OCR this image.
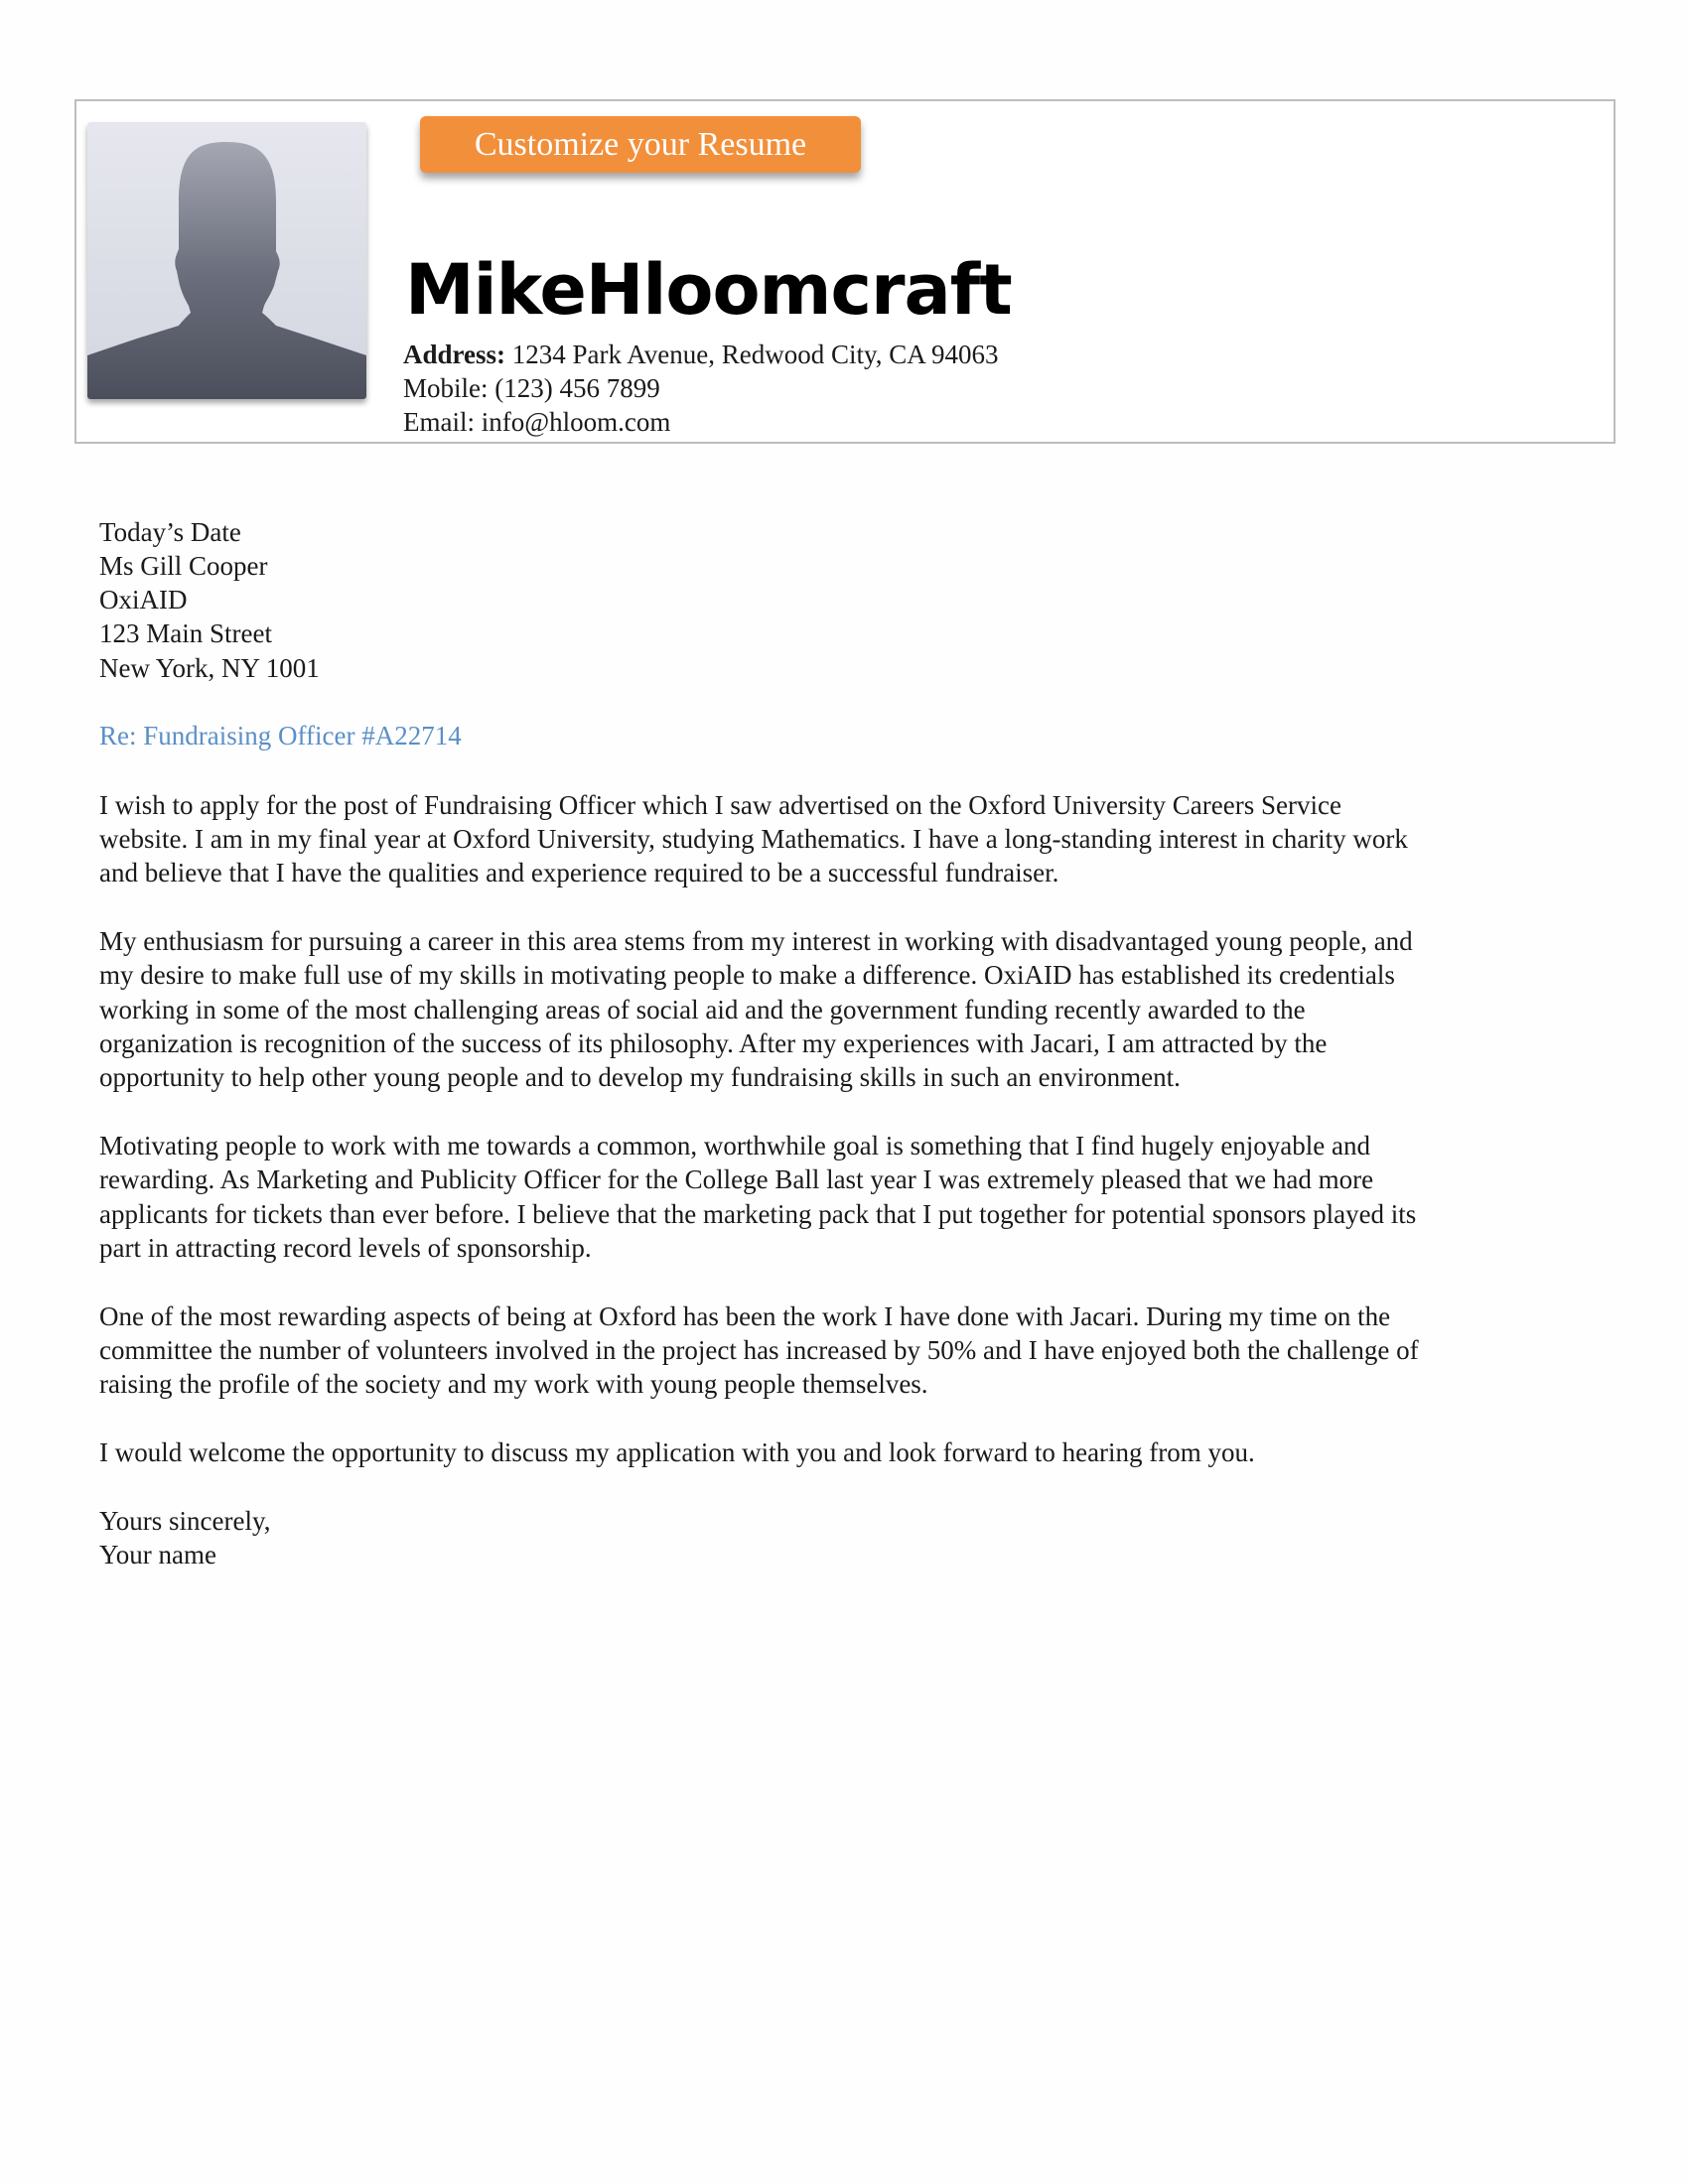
Customize your Resume
MikeHloomcraft
Address: 1234 Park Avenue, Redwood City, CA 94063
Mobile: (123) 456 7899
Email: info@hloom.com
Today’s Date
Ms Gill Cooper
OxiAID
123 Main Street
New York, NY 1001
Re: Fundraising Officer #A22714
I wish to apply for the post of Fundraising Officer which I saw advertised on the Oxford University Careers Service
website. I am in my final year at Oxford University, studying Mathematics. I have a long-standing interest in charity work
and believe that I have the qualities and experience required to be a successful fundraiser.
My enthusiasm for pursuing a career in this area stems from my interest in working with disadvantaged young people, and
my desire to make full use of my skills in motivating people to make a difference. OxiAID has established its credentials
working in some of the most challenging areas of social aid and the government funding recently awarded to the
organization is recognition of the success of its philosophy. After my experiences with Jacari, I am attracted by the
opportunity to help other young people and to develop my fundraising skills in such an environment.
Motivating people to work with me towards a common, worthwhile goal is something that I find hugely enjoyable and
rewarding. As Marketing and Publicity Officer for the College Ball last year I was extremely pleased that we had more
applicants for tickets than ever before. I believe that the marketing pack that I put together for potential sponsors played its
part in attracting record levels of sponsorship.
One of the most rewarding aspects of being at Oxford has been the work I have done with Jacari. During my time on the
committee the number of volunteers involved in the project has increased by 50% and I have enjoyed both the challenge of
raising the profile of the society and my work with young people themselves.
I would welcome the opportunity to discuss my application with you and look forward to hearing from you.
Yours sincerely,
Your name
